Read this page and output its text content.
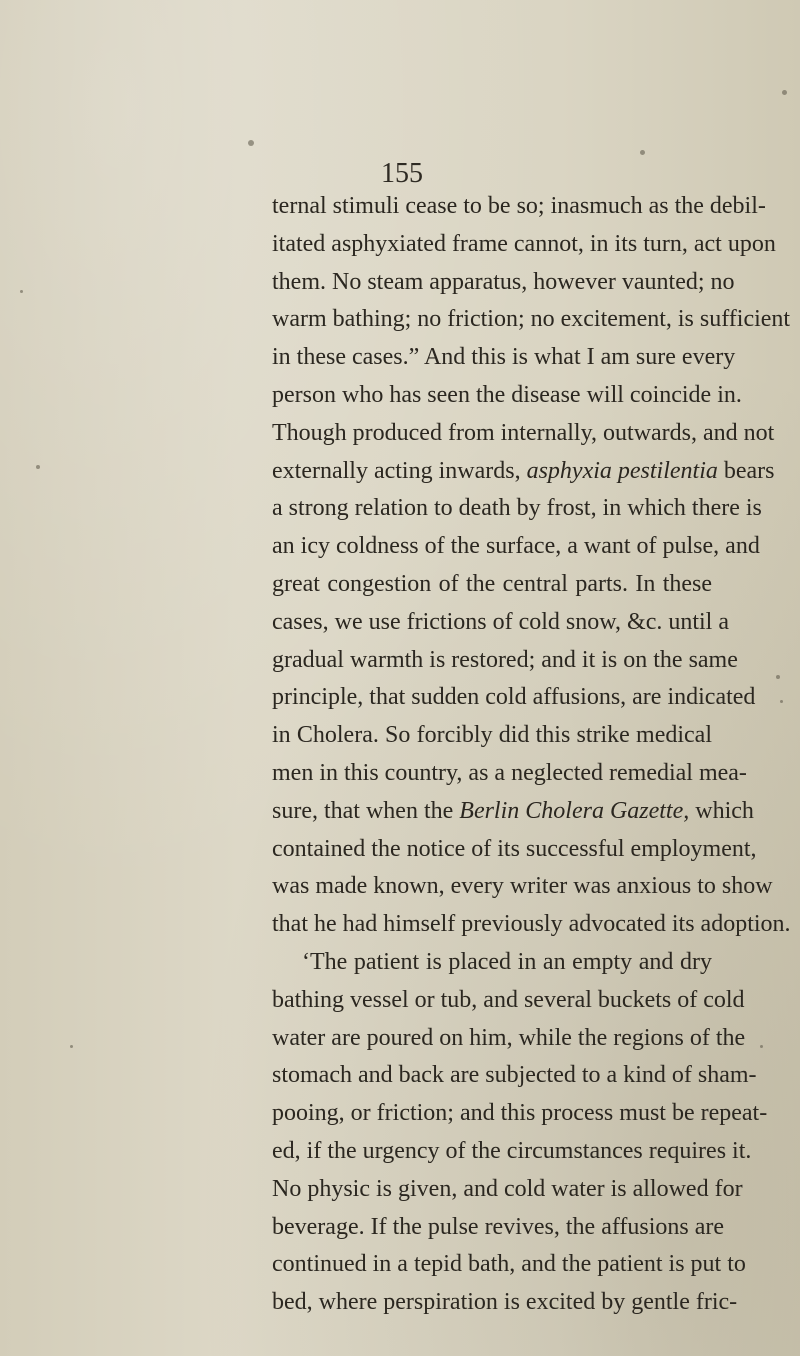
155
ternal stimuli cease to be so; inasmuch as the debil-
itated asphyxiated frame cannot, in its turn, act upon
them. No steam apparatus, however vaunted; no
warm bathing; no friction; no excitement, is sufficient
in these cases.” And this is what I am sure every
person who has seen the disease will coincide in.
Though produced from internally, outwards, and not
externally acting inwards, asphyxia pestilentia bears
a strong relation to death by frost, in which there is
an icy coldness of the surface, a want of pulse, and
great congestion of the central parts. In these
cases, we use frictions of cold snow, &c. until a
gradual warmth is restored; and it is on the same
principle, that sudden cold affusions, are indicated
in Cholera. So forcibly did this strike medical
men in this country, as a neglected remedial mea-
sure, that when the Berlin Cholera Gazette, which
contained the notice of its successful employment,
was made known, every writer was anxious to show
that he had himself previously advocated its adoption.
‘The patient is placed in an empty and dry
bathing vessel or tub, and several buckets of cold
water are poured on him, while the regions of the
stomach and back are subjected to a kind of sham-
pooing, or friction; and this process must be repeat-
ed, if the urgency of the circumstances requires it.
No physic is given, and cold water is allowed for
beverage. If the pulse revives, the affusions are
continued in a tepid bath, and the patient is put to
bed, where perspiration is excited by gentle fric-
